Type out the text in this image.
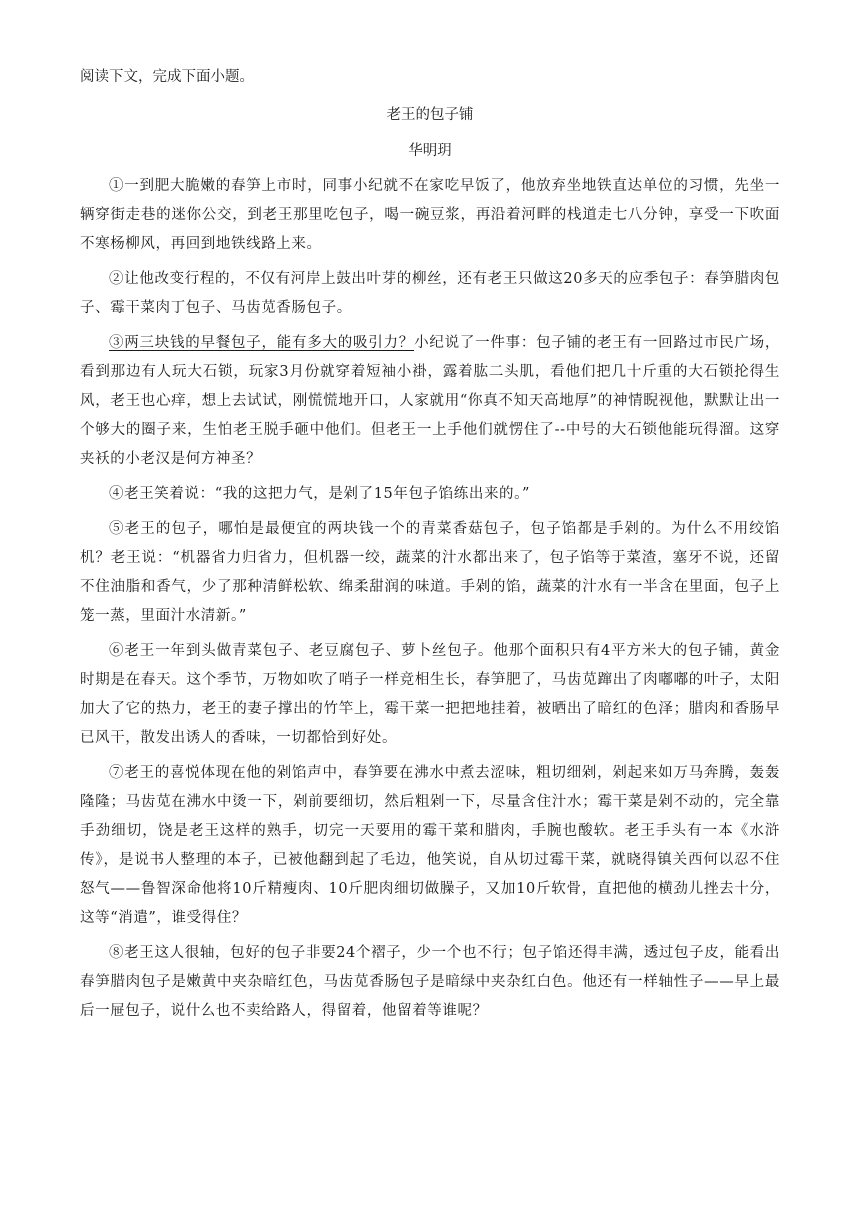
阅读下文，完成下面小题。

老王的包子铺

华明玥

①一到肥大脆嫩的春笋上市时，同事小纪就不在家吃早饭了，他放弃坐地铁直达单位的习惯，先坐一辆穿街走巷的迷你公交，到老王那里吃包子，喝一碗豆浆，再沿着河畔的栈道走七八分钟，享受一下吹面不寒杨柳风，再回到地铁线路上来。

②让他改变行程的，不仅有河岸上鼓出叶芽的柳丝，还有老王只做这20多天的应季包子：春笋腊肉包子、霉干菜肉丁包子、马齿苋香肠包子。

③两三块钱的早餐包子，能有多大的吸引力？小纪说了一件事：包子铺的老王有一回路过市民广场，看到那边有人玩大石锁，玩家3月份就穿着短袖小褂，露着肱二头肌，看他们把几十斤重的大石锁抡得生风，老王也心痒，想上去试试，刚慌慌地开口，人家就用“你真不知天高地厚”的神情睨视他，默默让出一个够大的圈子来，生怕老王脱手砸中他们。但老王一上手他们就愣住了--中号的大石锁他能玩得溜。这穿夹袄的小老汉是何方神圣？

④老王笑着说：“我的这把力气，是剁了15年包子馅练出来的。”

⑤老王的包子，哪怕是最便宜的两块钱一个的青菜香菇包子，包子馅都是手剁的。为什么不用绞馅机？老王说：“机器省力归省力，但机器一绞，蔬菜的汁水都出来了，包子馅等于菜渣，塞牙不说，还留不住油脂和香气，少了那种清鲜松软、绵柔甜润的味道。手剁的馅，蔬菜的汁水有一半含在里面，包子上笼一蒸，里面汁水清新。”

⑥老王一年到头做青菜包子、老豆腐包子、萝卜丝包子。他那个面积只有4平方米大的包子铺，黄金时期是在春天。这个季节，万物如吹了哨子一样竞相生长，春笋肥了，马齿苋蹿出了肉嘟嘟的叶子，太阳加大了它的热力，老王的妻子撑出的竹竿上，霉干菜一把把地挂着，被晒出了暗红的色泽；腊肉和香肠早已风干，散发出诱人的香味，一切都恰到好处。

⑦老王的喜悦体现在他的剁馅声中，春笋要在沸水中煮去涩味，粗切细剁，剁起来如万马奔腾，轰轰隆隆；马齿苋在沸水中烫一下，剁前要细切，然后粗剁一下，尽量含住汁水；霉干菜是剁不动的，完全靠手劲细切，饶是老王这样的熟手，切完一天要用的霉干菜和腊肉，手腕也酸软。老王手头有一本《水浒传》，是说书人整理的本子，已被他翻到起了毛边，他笑说，自从切过霉干菜，就晓得镇关西何以忍不住怒气——鲁智深命他将10斤精瘦肉、10斤肥肉细切做臊子，又加10斤软骨，直把他的横劲儿挫去十分，这等“消遣”，谁受得住？

⑧老王这人很轴，包好的包子非要24个褶子，少一个也不行；包子馅还得丰满，透过包子皮，能看出春笋腊肉包子是嫩黄中夹杂暗红色，马齿苋香肠包子是暗绿中夹杂红白色。他还有一样轴性子——早上最后一屉包子，说什么也不卖给路人，得留着，他留着等谁呢？
